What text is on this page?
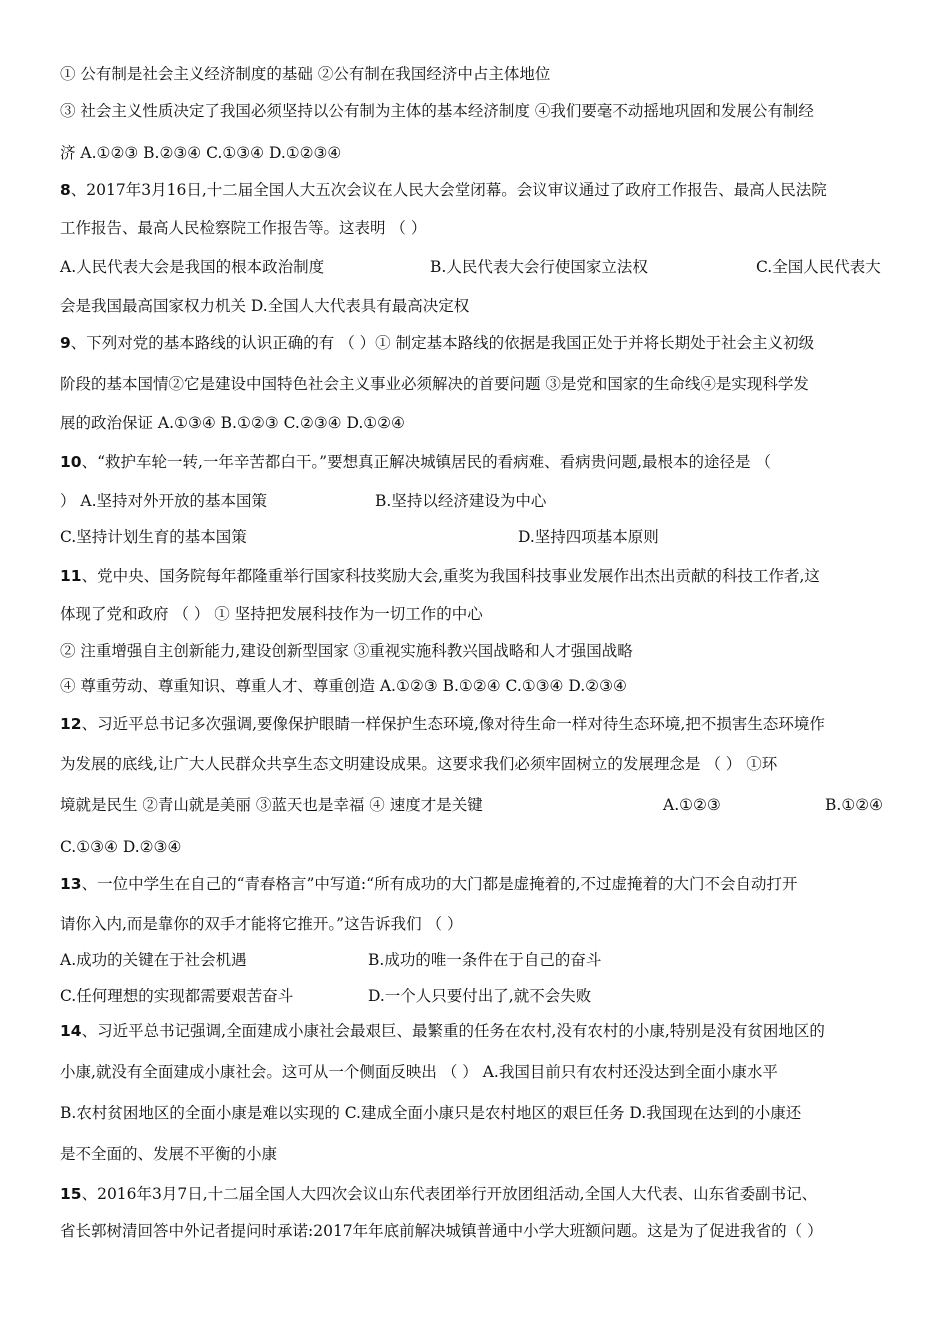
① 公有制是社会主义经济制度的基础 ②公有制在我国经济中占主体地位
③ 社会主义性质决定了我国必须坚持以公有制为主体的基本经济制度 ④我们要毫不动摇地巩固和发展公有制经
济 A.①②③ B.②③④ C.①③④ D.①②③④
8、2017年3月16日,十二届全国人大五次会议在人民大会堂闭幕。会议审议通过了政府工作报告、最高人民法院
工作报告、最高人民检察院工作报告等。这表明 （ ）
A.人民代表大会是我国的根本政治制度	B.人民代表大会行使国家立法权	C.全国人民代表大
会是我国最高国家权力机关 D.全国人大代表具有最高决定权
9、下列对党的基本路线的认识正确的有 （ ）① 制定基本路线的依据是我国正处于并将长期处于社会主义初级
阶段的基本国情②它是建设中国特色社会主义事业必须解决的首要问题 ③是党和国家的生命线④是实现科学发
展的政治保证 A.①③④ B.①②③ C.②③④ D.①②④
10、“救护车轮一转,一年辛苦都白干。”要想真正解决城镇居民的看病难、看病贵问题,最根本的途径是 （
） A.坚持对外开放的基本国策	B.坚持以经济建设为中心
C.坚持计划生育的基本国策	D.坚持四项基本原则
11、党中央、国务院每年都隆重举行国家科技奖励大会,重奖为我国科技事业发展作出杰出贡献的科技工作者,这
体现了党和政府 （ ） ① 坚持把发展科技作为一切工作的中心
② 注重增强自主创新能力,建设创新型国家 ③重视实施科教兴国战略和人才强国战略
④ 尊重劳动、尊重知识、尊重人才、尊重创造 A.①②③ B.①②④ C.①③④ D.②③④
12、习近平总书记多次强调,要像保护眼睛一样保护生态环境,像对待生命一样对待生态环境,把不损害生态环境作
为发展的底线,让广大人民群众共享生态文明建设成果。这要求我们必须牢固树立的发展理念是 （ ） ①环
境就是民生 ②青山就是美丽 ③蓝天也是幸福 ④ 速度才是关键	A.①②③	B.①②④
C.①③④ D.②③④
13、一位中学生在自己的“青春格言”中写道:“所有成功的大门都是虚掩着的,不过虚掩着的大门不会自动打开
请你入内,而是靠你的双手才能将它推开。”这告诉我们 （ ）
A.成功的关键在于社会机遇	B.成功的唯一条件在于自己的奋斗
C.任何理想的实现都需要艰苦奋斗	D.一个人只要付出了,就不会失败
14、习近平总书记强调,全面建成小康社会最艰巨、最繁重的任务在农村,没有农村的小康,特别是没有贫困地区的
小康,就没有全面建成小康社会。这可从一个侧面反映出 （ ） A.我国目前只有农村还没达到全面小康水平
B.农村贫困地区的全面小康是难以实现的 C.建成全面小康只是农村地区的艰巨任务 D.我国现在达到的小康还
是不全面的、发展不平衡的小康
15、2016年3月7日,十二届全国人大四次会议山东代表团举行开放团组活动,全国人大代表、山东省委副书记、
省长郭树清回答中外记者提问时承诺:2017年年底前解决城镇普通中小学大班额问题。这是为了促进我省的（ ）
